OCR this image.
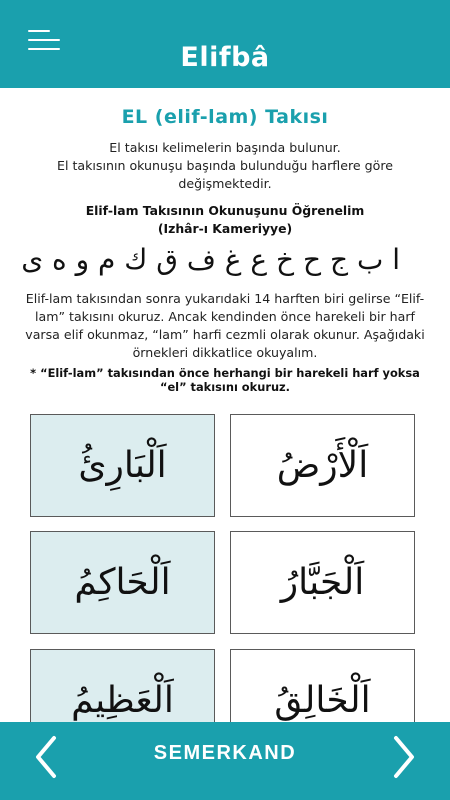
Elifbâ
EL (elif-lam) Takısı
El takısı kelimelerin başında bulunur.
El takısının okunuşu başında bulunduğu harflere göre değişmektedir.
Elif-lam Takısının Okunuşunu Öğrenelim
(Izhâr-ı Kameriyye)
ا ب ج ح خ ع غ ف ق ك م و ه ى
Elif-lam takısından sonra yukarıdaki 14 harften biri gelirse “Elif-lam” takısını okuruz. Ancak kendinden önce harekeli bir harf varsa elif okunmaz, “lam” harfi cezmli olarak okunur. Aşağıdaki örnekleri dikkatlice okuyalım.
* “Elif-lam” takısından önce herhangi bir harekeli harf yoksa “el” takısını okuruz.
اَلْبَارِئُ	اَلْأَرْضُ
اَلْحَاكِمُ	اَلْجَبَّارُ
اَلْعَظِيمُ	اَلْخَالِقُ
SEMERKAND
